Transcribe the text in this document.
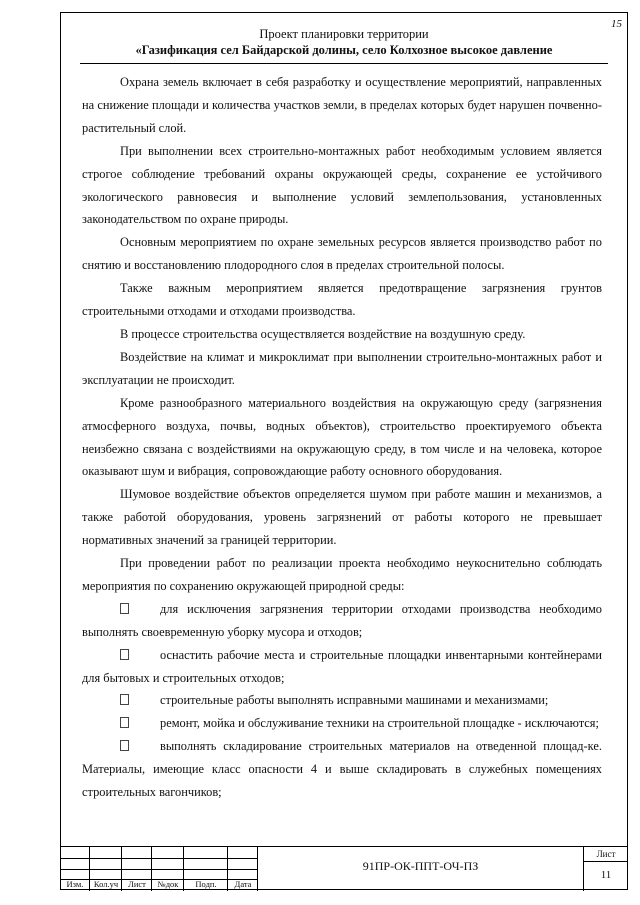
15
Проект планировки территории
«Газификация сел Байдарской долины, село Колхозное высокое давление

Охрана земель включает в себя разработку и осуществление мероприятий, направленных на снижение площади и количества участков земли, в пределах которых будет нарушен почвенно-растительный слой.

При выполнении всех строительно-монтажных работ необходимым условием является строгое соблюдение требований охраны окружающей среды, сохранение ее устойчивого экологического равновесия и выполнение условий землепользования, установленных законодательством по охране природы.

Основным мероприятием по охране земельных ресурсов является производство работ по снятию и восстановлению плодородного слоя в пределах строительной полосы.

Также важным мероприятием является предотвращение загрязнения грунтов строительными отходами и отходами производства.

В процессе строительства осуществляется воздействие на воздушную среду.

Воздействие на климат и микроклимат при выполнении строительно-монтажных работ и эксплуатации не происходит.

Кроме разнообразного материального воздействия на окружающую среду (загрязнения атмосферного воздуха, почвы, водных объектов), строительство проектируемого объекта неизбежно связана с воздействиями на окружающую среду, в том числе и на человека, которое оказывают шум и вибрация, сопровождающие работу основного оборудования.

Шумовое воздействие объектов определяется шумом при работе машин и механизмов, а также работой оборудования, уровень загрязнений от работы которого не превышает нормативных значений за границей территории.

При проведении работ по реализации проекта необходимо неукоснительно соблюдать мероприятия по сохранению окружающей природной среды:

для исключения загрязнения территории отходами производства необходимо выполнять своевременную уборку мусора и отходов;

оснастить рабочие места и строительные площадки инвентарными контейнерами для бытовых и строительных отходов;

строительные работы выполнять исправными машинами и механизмами;

ремонт, мойка и обслуживание техники на строительной площадке - исключаются;

выполнять складирование строительных материалов на отведенной площад-ке. Материалы, имеющие класс опасности 4 и выше складировать в служебных помещениях строительных вагончиков;

Изм.	Кол.уч	Лист	№док	Подп.	Дата
91ПР-ОК-ППТ-ОЧ-ПЗ
Лист
11
